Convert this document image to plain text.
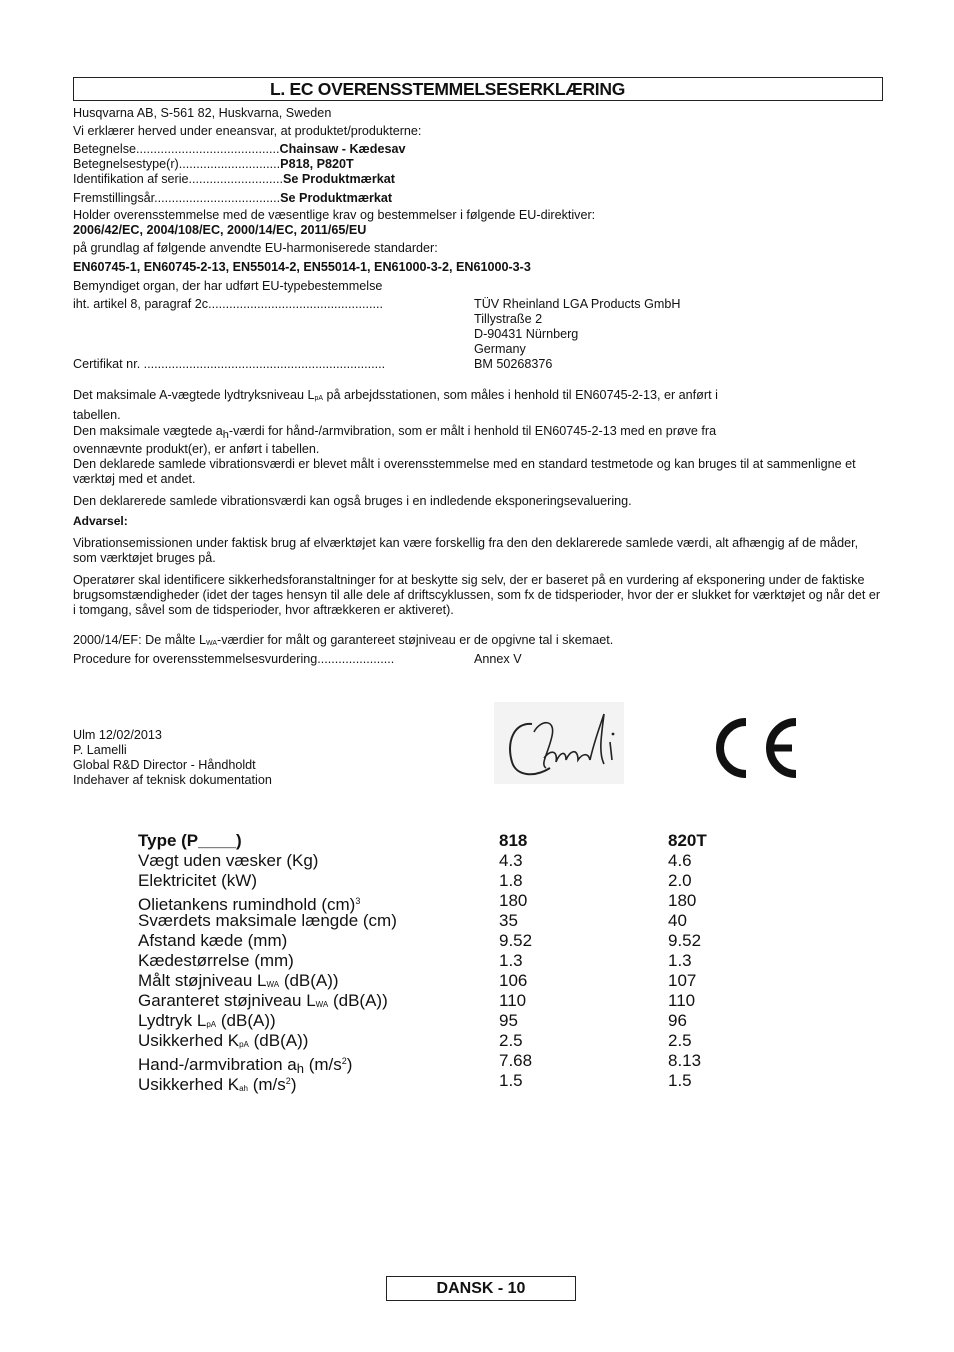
L. EC OVERENSSTEMMELSESERKLÆRING
Husqvarna AB, S-561 82, Huskvarna, Sweden
Vi erklærer herved under eneansvar, at produktet/produkterne:
Betegnelse.........................................Chainsaw - Kædesav
Betegnelsestype(r).............................P818, P820T
Identifikation af serie...........................Se Produktmærkat
Fremstillingsår....................................Se Produktmærkat
Holder overensstemmelse med de væsentlige krav og bestemmelser i følgende EU-direktiver:
2006/42/EC, 2004/108/EC, 2000/14/EC, 2011/65/EU
på grundlag af følgende anvendte EU-harmoniserede standarder:
EN60745-1, EN60745-2-13, EN55014-2, EN55014-1, EN61000-3-2, EN61000-3-3
Bemyndiget organ, der har udført EU-typebestemmelse
iht. artikel 8, paragraf 2c..................................................	TÜV Rheinland LGA Products GmbH
Tillystraße 2
D-90431 Nürnberg
Germany
Certifikat nr. .....................................................................	BM 50268376
Det maksimale A-vægtede lydtryksniveau LpA på arbejdsstationen, som måles i henhold til EN60745-2-13, er anført i
tabellen.
Den maksimale vægtede ah-værdi for hånd-/armvibration, som er målt i henhold til EN60745-2-13 med en prøve fra
ovennævnte produkt(er), er anført i tabellen.
Den deklarede samlede vibrationsværdi er blevet målt i overensstemmelse med en standard testmetode og kan bruges til at sammenligne et værktøj med et andet.
Den deklarerede samlede vibrationsværdi kan også bruges i en indledende eksponeringsevaluering.
Advarsel:
Vibrationsemissionen under faktisk brug af elværktøjet kan være forskellig fra den den deklarerede samlede værdi, alt afhængig af de måder, som værktøjet bruges på.
Operatører skal identificere sikkerhedsforanstaltninger for at beskytte sig selv, der er baseret på en vurdering af eksponering under de faktiske brugsomstændigheder (idet der tages hensyn til alle dele af driftscyklussen, som fx de tidsperioder, hvor der er slukket for værktøjet og når det er i tomgang, såvel som de tidsperioder, hvor aftrækkeren er aktiveret).
2000/14/EF: De målte LWA-værdier for målt og garantereet støjniveau er de opgivne tal i skemaet.
Procedure for overensstemmelsesvurdering......................	Annex V
Ulm 12/02/2013
P. Lamelli
Global R&D Director - Håndholdt
Indehaver af teknisk dokumentation
Type (P____)	818	820T
Vægt uden væsker (Kg)	4.3	4.6
Elektricitet (kW)	1.8	2.0
Olietankens rumindhold (cm)$^3$	180	180
Sværdets maksimale længde (cm)	35	40
Afstand kæde (mm)	9.52	9.52
Kædestørrelse (mm)	1.3	1.3
Målt støjniveau LWA (dB(A))	106	107
Garanteret støjniveau LWA (dB(A))	110	110
Lydtryk LpA (dB(A))	95	96
Usikkerhed KpA (dB(A))	2.5	2.5
Hand-/armvibration ah $(m/s^2)$	7.68	8.13
Usikkerhed Kah $(m/s^2)$	1.5	1.5
DANSK - 10
